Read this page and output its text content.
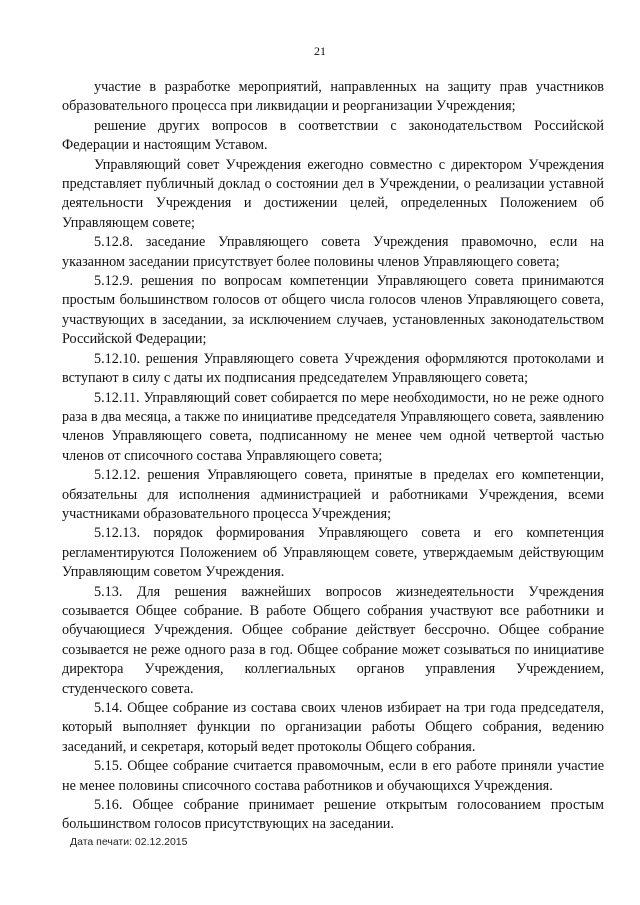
21

участие в разработке мероприятий, направленных на защиту прав участников образовательного процесса при ликвидации и реорганизации Учреждения;

решение других вопросов в соответствии с законодательством Российской Федерации и настоящим Уставом.

Управляющий совет Учреждения ежегодно совместно с директором Учреждения представляет публичный доклад о состоянии дел в Учреждении, о реализации уставной деятельности Учреждения и достижении целей, определенных Положением об Управляющем совете;

5.12.8. заседание Управляющего совета Учреждения правомочно, если на указанном заседании присутствует более половины членов Управляющего совета;

5.12.9. решения по вопросам компетенции Управляющего совета принимаются простым большинством голосов от общего числа голосов членов Управляющего совета, участвующих в заседании, за исключением случаев, установленных законодательством Российской Федерации;

5.12.10. решения Управляющего совета Учреждения оформляются протоколами и вступают в силу с даты их подписания председателем Управляющего совета;

5.12.11. Управляющий совет собирается по мере необходимости, но не реже одного раза в два месяца, а также по инициативе председателя Управляющего совета, заявлению членов Управляющего совета, подписанному не менее чем одной четвертой частью членов от списочного состава Управляющего совета;

5.12.12. решения Управляющего совета, принятые в пределах его компетенции, обязательны для исполнения администрацией и работниками Учреждения, всеми участниками образовательного процесса Учреждения;

5.12.13. порядок формирования Управляющего совета и его компетенция регламентируются Положением об Управляющем совете, утверждаемым действующим Управляющим советом Учреждения.

5.13. Для решения важнейших вопросов жизнедеятельности Учреждения созывается Общее собрание. В работе Общего собрания участвуют все работники и обучающиеся Учреждения. Общее собрание действует бессрочно. Общее собрание созывается не реже одного раза в год. Общее собрание может созываться по инициативе директора Учреждения, коллегиальных органов управления Учреждением, студенческого совета.

5.14. Общее собрание из состава своих членов избирает на три года председателя, который выполняет функции по организации работы Общего собрания, ведению заседаний, и секретаря, который ведет протоколы Общего собрания.

5.15. Общее собрание считается правомочным, если в его работе приняли участие не менее половины списочного состава работников и обучающихся Учреждения.

5.16. Общее собрание принимает решение открытым голосованием простым большинством голосов присутствующих на заседании.

Дата печати: 02.12.2015
